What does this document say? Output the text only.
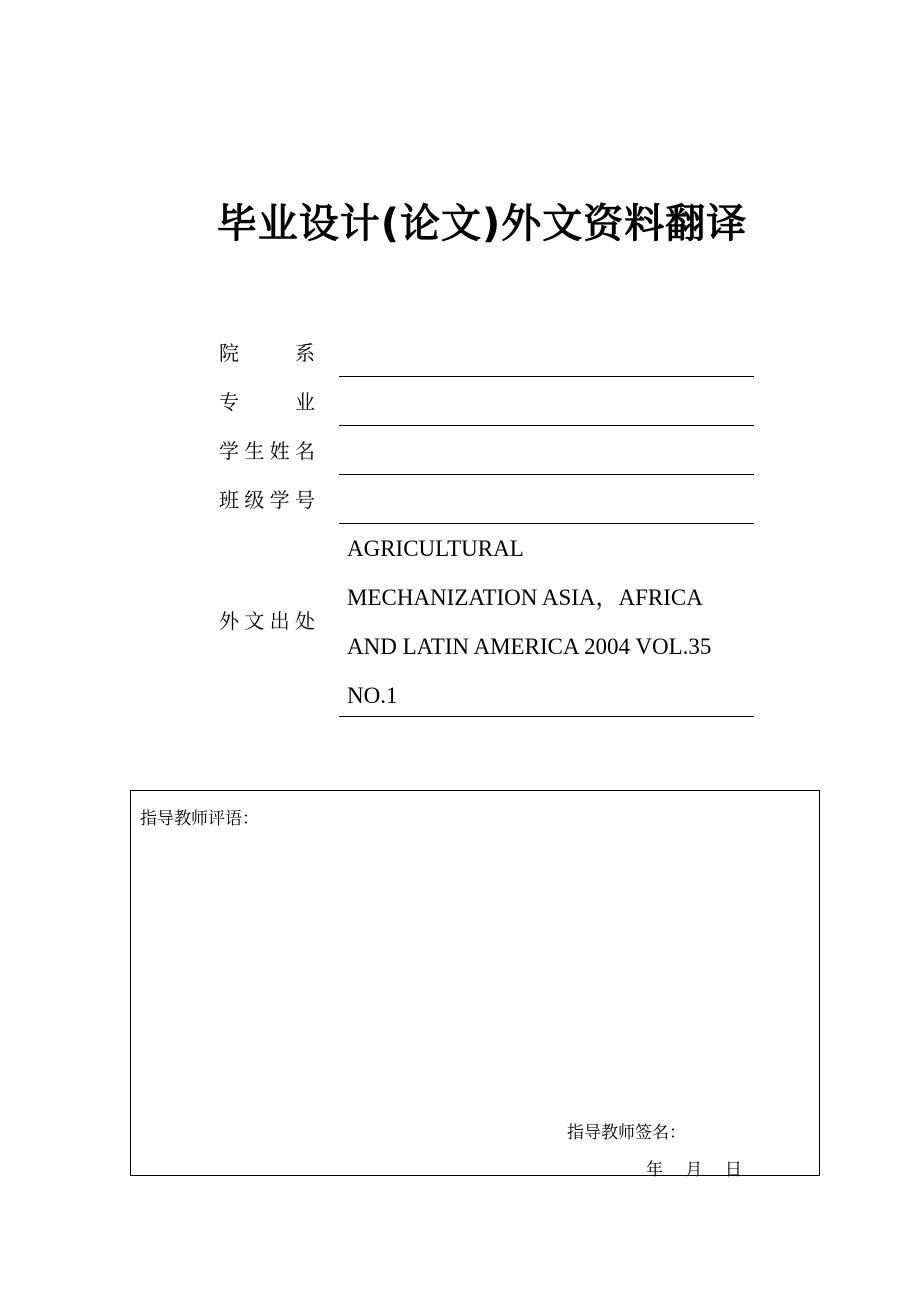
毕业设计(论文)外文资料翻译
院	系
专	业
学 生 姓 名
班 级 学 号
外 文 出 处
AGRICULTURAL
MECHANIZATION ASIA，AFRICA
AND LATIN AMERICA 2004 VOL.35
NO.1
指导教师评语：
指导教师签名：
年 月 日
